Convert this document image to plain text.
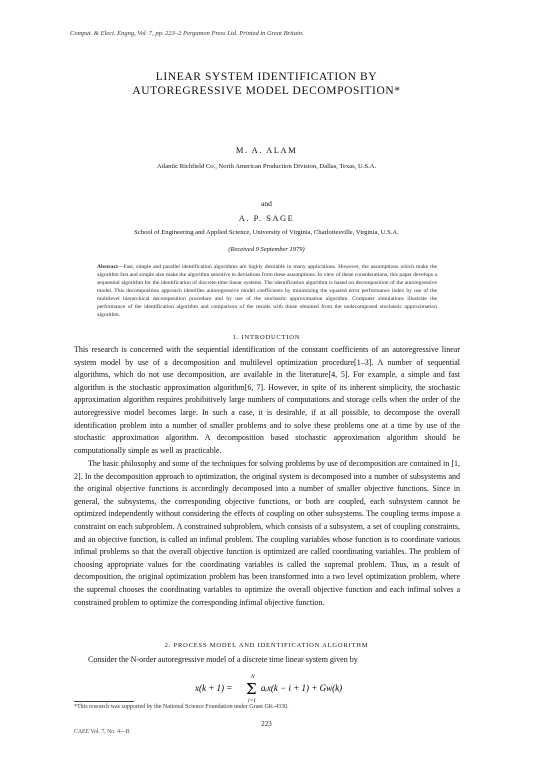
Comput. & Elect. Engng, Vol. 7, pp. 223–2 Pergamon Press Ltd. Printed in Great Britain.
LINEAR SYSTEM IDENTIFICATION BY
AUTOREGRESSIVE MODEL DECOMPOSITION*
M. A. ALAM
Atlantic Richfield Co., North American Production Division, Dallas, Texas, U.S.A.
and
A. P. SAGE
School of Engineering and Applied Science, University of Virginia, Charlottesville, Virginia, U.S.A.
(Received 9 September 1979)
Abstract—Fast, simple and parallel identification algorithms are highly desirable in many applications. However, the assumptions which make the algorithm fast and simple also make the algorithm sensitive to deviations from these assumptions. In view of these considerations, this paper develops a sequential algorithm for the identification of discrete-time linear systems. The identification algorithm is based on decomposition of the autoregressive model. This decomposition approach identifies autoregressive model coefficients by minimizing the squared error performance index by use of the multilevel hierarchical decomposition procedure and by use of the stochastic approximation algorithm. Computer simulations illustrate the performance of the identification algorithm and comparison of the results with those obtained from the undecomposed stochastic approximation algorithm.
1. INTRODUCTION
This research is concerned with the sequential identification of the constant coefficients of an autoregressive linear system model by use of a decomposition and multilevel optimization procedure[1–3]. A number of sequential algorithms, which do not use decomposition, are available in the literature[4, 5]. For example, a simple and fast algorithm is the stochastic approximation algorithm[6, 7]. However, in spite of its inherent simplicity, the stochastic approximation algorithm requires prohibitively large numbers of computations and storage cells when the order of the autoregressive model becomes large. In such a case, it is desirable, if at all possible, to decompose the overall identification problem into a number of smaller problems and to solve these problems one at a time by use of the stochastic approximation algorithm. A decomposition based stochastic approximation algorithm should be computationally simple as well as practicable.
The basic philosophy and some of the techniques for solving problems by use of decomposition are contained in [1, 2]. In the decomposition approach to optimization, the original system is decomposed into a number of subsystems and the original objective functions is accordingly decomposed into a number of smaller objective functions. Since in general, the subsystems, the corresponding objective functions, or both are coupled, each subsystem cannot be optimized independently without considering the effects of coupling on other subsystems. The coupling terms impose a constraint on each subproblem. A constrained subproblem, which consists of a subsystem, a set of coupling constraints, and an objective function, is called an infimal problem. The coupling variables whose function is to coordinate various infimal problems so that the overall objective function is optimized are called coordinating variables. The problem of choosing appropriate values for the coordinating variables is called the supremal problem. Thus, as a result of decomposition, the original optimization problem has been transformed into a two level optimization problem, where the supremal chooses the coordinating variables to optimize the overall objective function and each infimal solves a constrained problem to optimize the corresponding infimal objective function.
2. PROCESS MODEL AND IDENTIFICATION ALGORITHM
Consider the N-order autoregressive model of a discrete time linear system given by
x(k + 1) =
N
Σ
i=1
aᵢx(k − i + 1) + Gw(k)
*This research was supported by the National Science Foundation under Grant GK-4330.
223
CAEE Vol. 7, No. 4—B
